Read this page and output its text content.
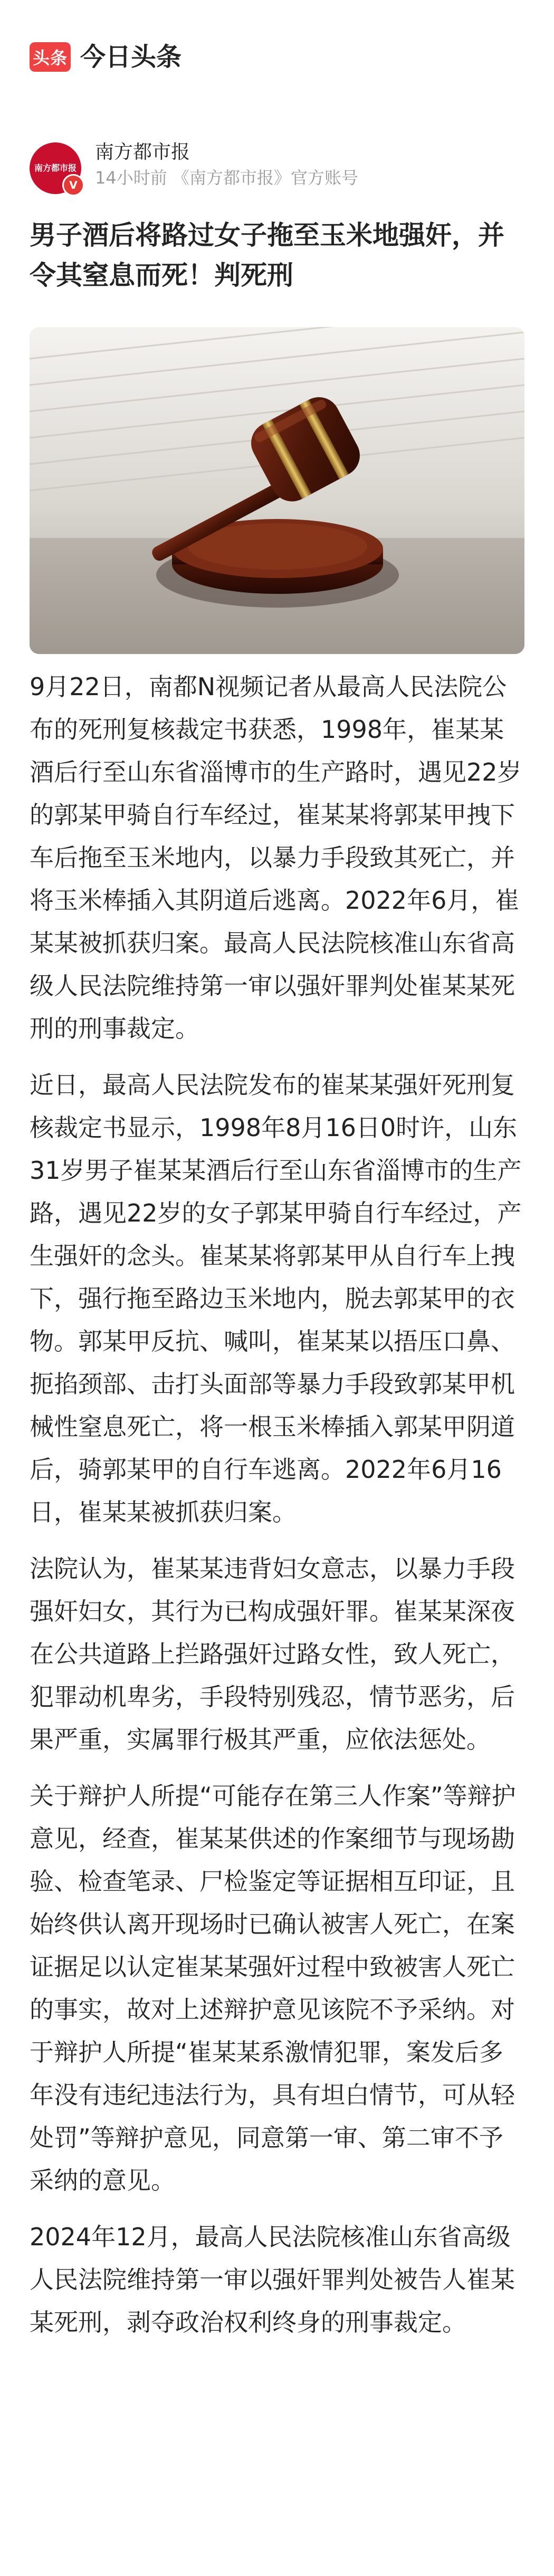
头条 今日头条
南方都市报
V
南方都市报
14小时前 《南方都市报》官方账号
男子酒后将路过女子拖至玉米地强奸，并令其窒息而死！判死刑

9月22日，南都N视频记者从最高人民法院公布的死刑复核裁定书获悉，1998年，崔某某酒后行至山东省淄博市的生产路时，遇见22岁的郭某甲骑自行车经过，崔某某将郭某甲拽下车后拖至玉米地内，以暴力手段致其死亡，并将玉米棒插入其阴道后逃离。2022年6月，崔某某被抓获归案。最高人民法院核准山东省高级人民法院维持第一审以强奸罪判处崔某某死刑的刑事裁定。

近日，最高人民法院发布的崔某某强奸死刑复核裁定书显示，1998年8月16日0时许，山东31岁男子崔某某酒后行至山东省淄博市的生产路，遇见22岁的女子郭某甲骑自行车经过，产生强奸的念头。崔某某将郭某甲从自行车上拽下，强行拖至路边玉米地内，脱去郭某甲的衣物。郭某甲反抗、喊叫，崔某某以捂压口鼻、扼掐颈部、击打头面部等暴力手段致郭某甲机械性窒息死亡，将一根玉米棒插入郭某甲阴道后，骑郭某甲的自行车逃离。2022年6月16日，崔某某被抓获归案。

法院认为，崔某某违背妇女意志，以暴力手段强奸妇女，其行为已构成强奸罪。崔某某深夜在公共道路上拦路强奸过路女性，致人死亡，犯罪动机卑劣，手段特别残忍，情节恶劣，后果严重，实属罪行极其严重，应依法惩处。

关于辩护人所提“可能存在第三人作案”等辩护意见，经查，崔某某供述的作案细节与现场勘验、检查笔录、尸检鉴定等证据相互印证，且始终供认离开现场时已确认被害人死亡，在案证据足以认定崔某某强奸过程中致被害人死亡的事实，故对上述辩护意见该院不予采纳。对于辩护人所提“崔某某系激情犯罪，案发后多年没有违纪违法行为，具有坦白情节，可从轻处罚”等辩护意见，同意第一审、第二审不予采纳的意见。

2024年12月，最高人民法院核准山东省高级人民法院维持第一审以强奸罪判处被告人崔某某死刑，剥夺政治权利终身的刑事裁定。
